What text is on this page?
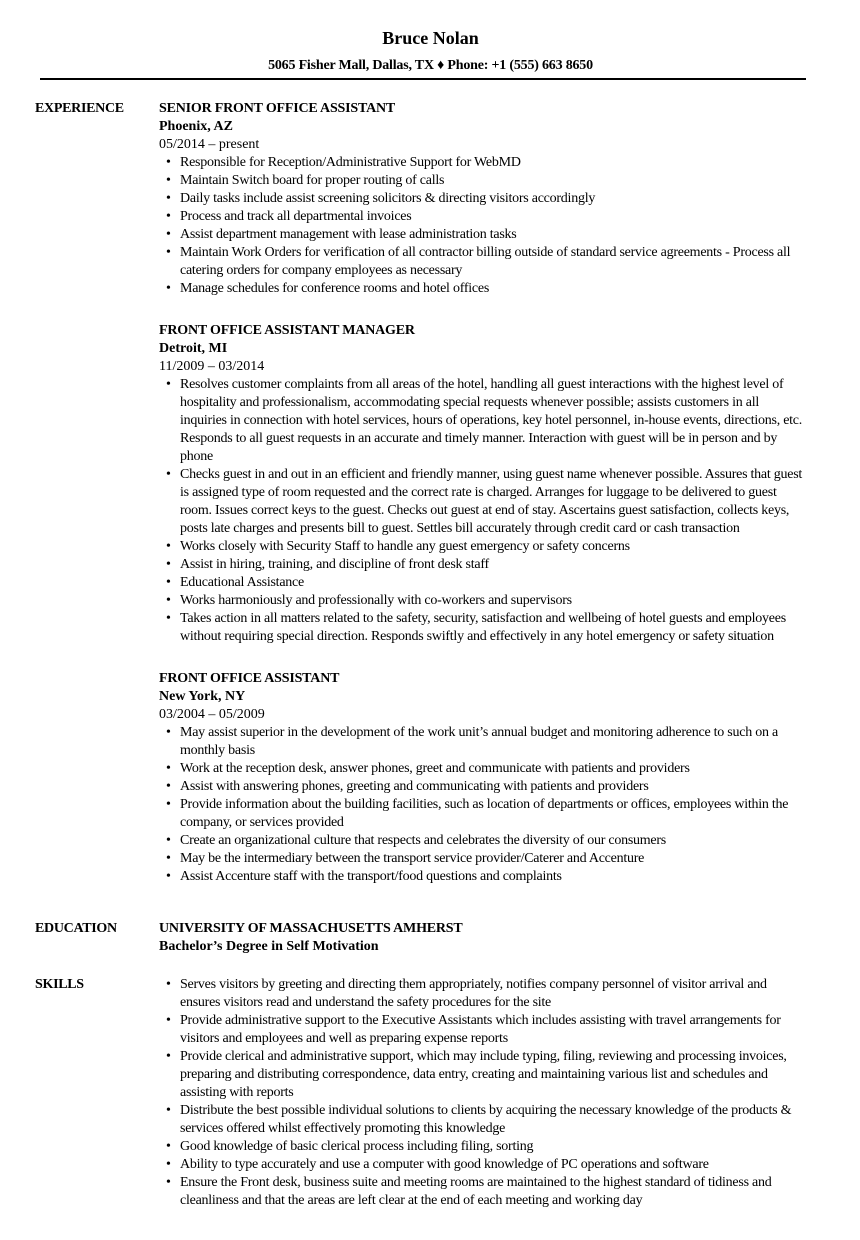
Bruce Nolan
5065 Fisher Mall, Dallas, TX ♦ Phone: +1 (555) 663 8650
EXPERIENCE	SENIOR FRONT OFFICE ASSISTANT
Phoenix, AZ
05/2014 – present
• Responsible for Reception/Administrative Support for WebMD
• Maintain Switch board for proper routing of calls
• Daily tasks include assist screening solicitors & directing visitors accordingly
• Process and track all departmental invoices
• Assist department management with lease administration tasks
• Maintain Work Orders for verification of all contractor billing outside of standard service agreements - Process all catering orders for company employees as necessary
• Manage schedules for conference rooms and hotel offices
FRONT OFFICE ASSISTANT MANAGER
Detroit, MI
11/2009 – 03/2014
• Resolves customer complaints from all areas of the hotel, handling all guest interactions with the highest level of hospitality and professionalism, accommodating special requests whenever possible; assists customers in all inquiries in connection with hotel services, hours of operations, key hotel personnel, in-house events, directions, etc. Responds to all guest requests in an accurate and timely manner. Interaction with guest will be in person and by phone
• Checks guest in and out in an efficient and friendly manner, using guest name whenever possible. Assures that guest is assigned type of room requested and the correct rate is charged. Arranges for luggage to be delivered to guest room. Issues correct keys to the guest. Checks out guest at end of stay. Ascertains guest satisfaction, collects keys, posts late charges and presents bill to guest. Settles bill accurately through credit card or cash transaction
• Works closely with Security Staff to handle any guest emergency or safety concerns
• Assist in hiring, training, and discipline of front desk staff
• Educational Assistance
• Works harmoniously and professionally with co-workers and supervisors
• Takes action in all matters related to the safety, security, satisfaction and wellbeing of hotel guests and employees without requiring special direction. Responds swiftly and effectively in any hotel emergency or safety situation
FRONT OFFICE ASSISTANT
New York, NY
03/2004 – 05/2009
• May assist superior in the development of the work unit’s annual budget and monitoring adherence to such on a monthly basis
• Work at the reception desk, answer phones, greet and communicate with patients and providers
• Assist with answering phones, greeting and communicating with patients and providers
• Provide information about the building facilities, such as location of departments or offices, employees within the company, or services provided
• Create an organizational culture that respects and celebrates the diversity of our consumers
• May be the intermediary between the transport service provider/Caterer and Accenture
• Assist Accenture staff with the transport/food questions and complaints
EDUCATION	UNIVERSITY OF MASSACHUSETTS AMHERST
Bachelor’s Degree in Self Motivation
SKILLS	• Serves visitors by greeting and directing them appropriately, notifies company personnel of visitor arrival and ensures visitors read and understand the safety procedures for the site
• Provide administrative support to the Executive Assistants which includes assisting with travel arrangements for visitors and employees and well as preparing expense reports
• Provide clerical and administrative support, which may include typing, filing, reviewing and processing invoices, preparing and distributing correspondence, data entry, creating and maintaining various list and schedules and assisting with reports
• Distribute the best possible individual solutions to clients by acquiring the necessary knowledge of the products & services offered whilst effectively promoting this knowledge
• Good knowledge of basic clerical process including filing, sorting
• Ability to type accurately and use a computer with good knowledge of PC operations and software
• Ensure the Front desk, business suite and meeting rooms are maintained to the highest standard of tidiness and cleanliness and that the areas are left clear at the end of each meeting and working day
